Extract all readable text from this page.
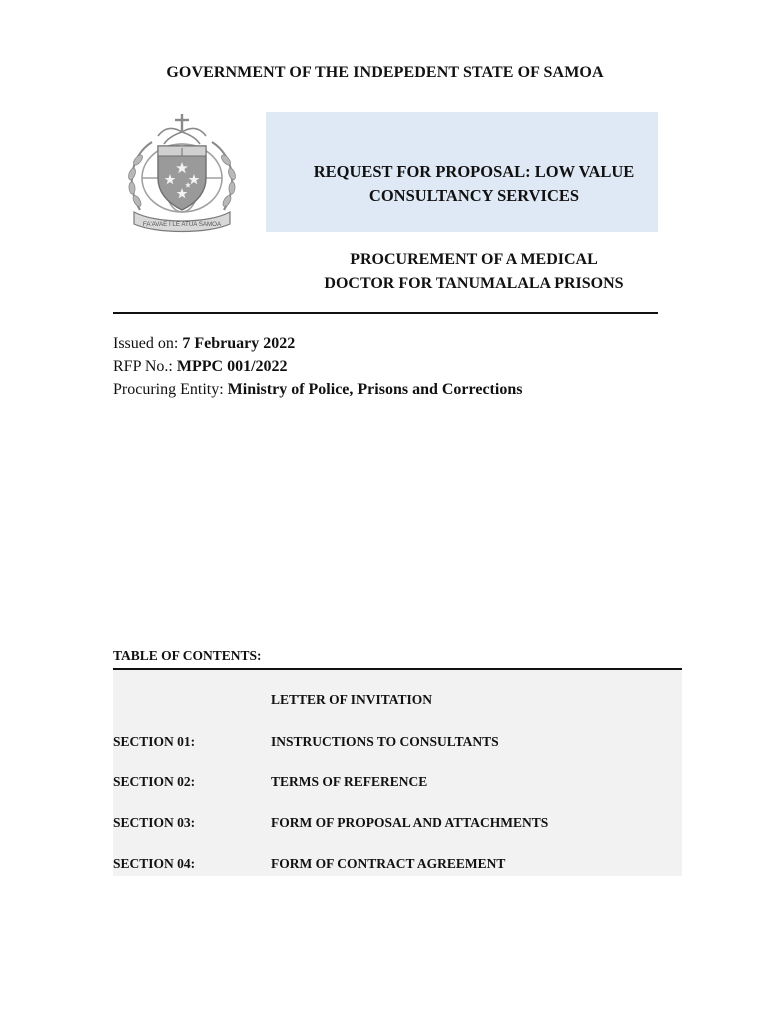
GOVERNMENT OF THE INDEPEDENT STATE OF SAMOA
FA'AVAE I LE ATUA SAMOA
REQUEST FOR PROPOSAL: LOW VALUE
CONSULTANCY SERVICES
PROCUREMENT OF A MEDICAL
DOCTOR FOR TANUMALALA PRISONS
Issued on: 7 February 2022
RFP No.: MPPC 001/2022
Procuring Entity: Ministry of Police, Prisons and Corrections
TABLE OF CONTENTS:
LETTER OF INVITATION
SECTION 01:	INSTRUCTIONS TO CONSULTANTS
SECTION 02:	TERMS OF REFERENCE
SECTION 03:	FORM OF PROPOSAL AND ATTACHMENTS
SECTION 04:	FORM OF CONTRACT AGREEMENT
